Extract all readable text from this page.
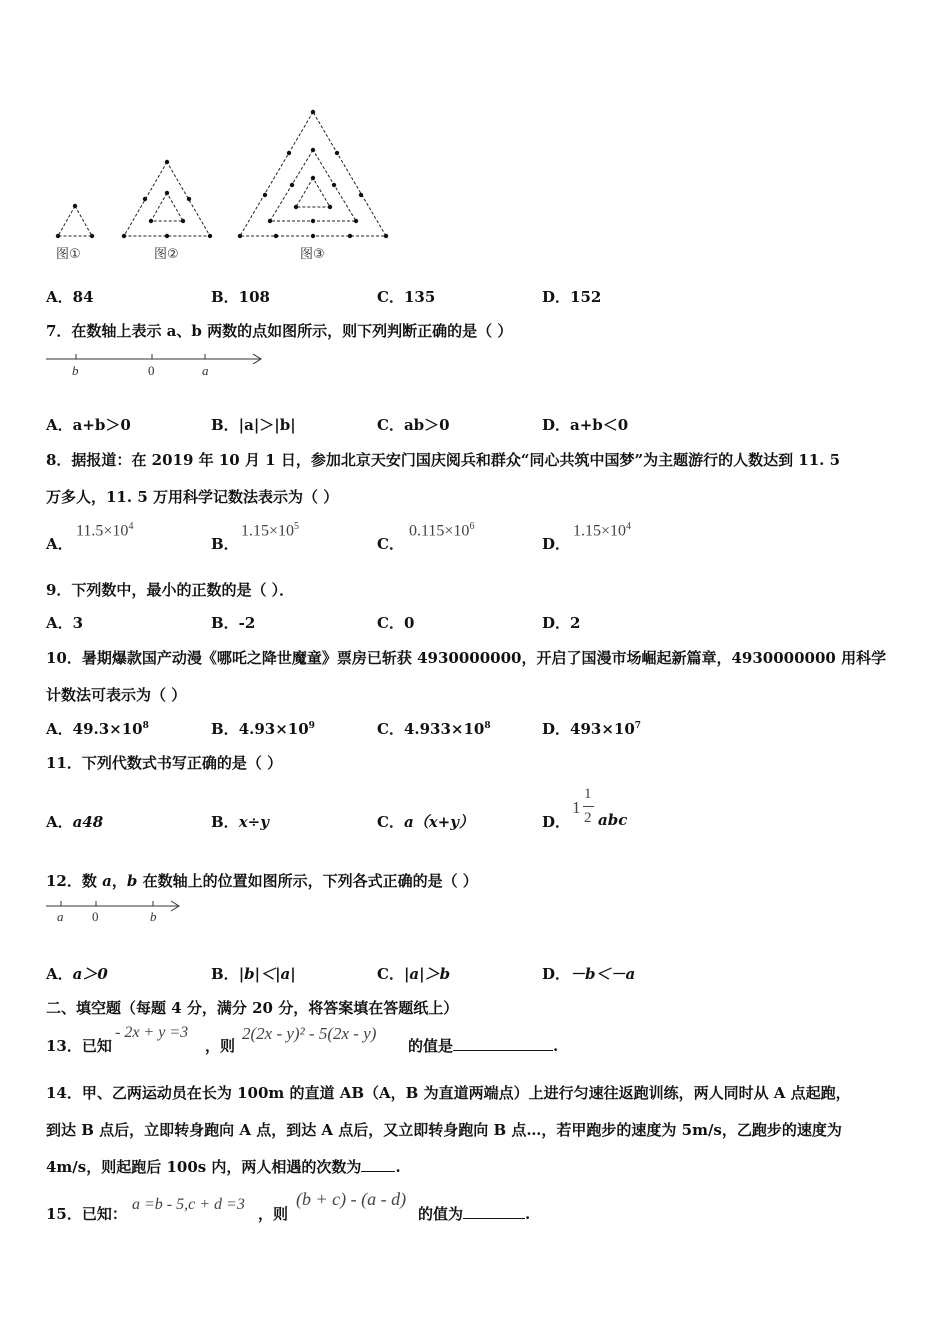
图①	图②	图③
A．84	B．108	C．135	D．152
7．在数轴上表示 a、b 两数的点如图所示，则下列判断正确的是（ ）
b	0	a
A．a+b＞0	B．|a|＞|b|	C．ab＞0	D．a+b＜0
8．据报道：在 2019 年 10 月 1 日，参加北京天安门国庆阅兵和群众“同心共筑中国梦”为主题游行的人数达到 11. 5
万多人，11. 5 万用科学记数法表示为（ ）
A．
$11.5\times 10^4$
B．
$1.15\times 10^5$
C．
$0.115\times 10^6$
D．
$1.15\times 10^4$
9．下列数中，最小的正数的是（ ）．
A．3	B．-2	C．0	D．2
10．暑期爆款国产动漫《哪吒之降世魔童》票房已斩获 4930000000，开启了国漫市场崛起新篇章，4930000000 用科学
计数法可表示为（ ）
A．$49.3\times 10^8$	B．$4.93\times 10^9$	C．$4.933\times 10^8$	D．$493\times 10^7$
11．下列代数式书写正确的是（ ）
A．a48	B．x÷y	C．a（x+y）	D．
1
1
2 abc
12．数 a，b 在数轴上的位置如图所示，下列各式正确的是（ ）
a 0	b
A．a＞0	B．|b|＜|a|	C．|a|＞b	D．－b＜－a
二、填空题（每题 4 分，满分 20 分，将答案填在答题纸上）
13．已知
- 2x + y =3
，则
2(2x - y)² - 5(2x - y)
的值是	.
14．甲、乙两运动员在长为 100m 的直道 AB（A，B 为直道两端点）上进行匀速往返跑训练，两人同时从 A 点起跑，
到达 B 点后，立即转身跑向 A 点，到达 A 点后，又立即转身跑向 B 点…，若甲跑步的速度为 5m/s，乙跑步的速度为
4m/s，则起跑后 100s 内，两人相遇的次数为 .
15．已知：
a =b - 5,c + d =3
，则
(b + c) - (a - d)
的值为	.
